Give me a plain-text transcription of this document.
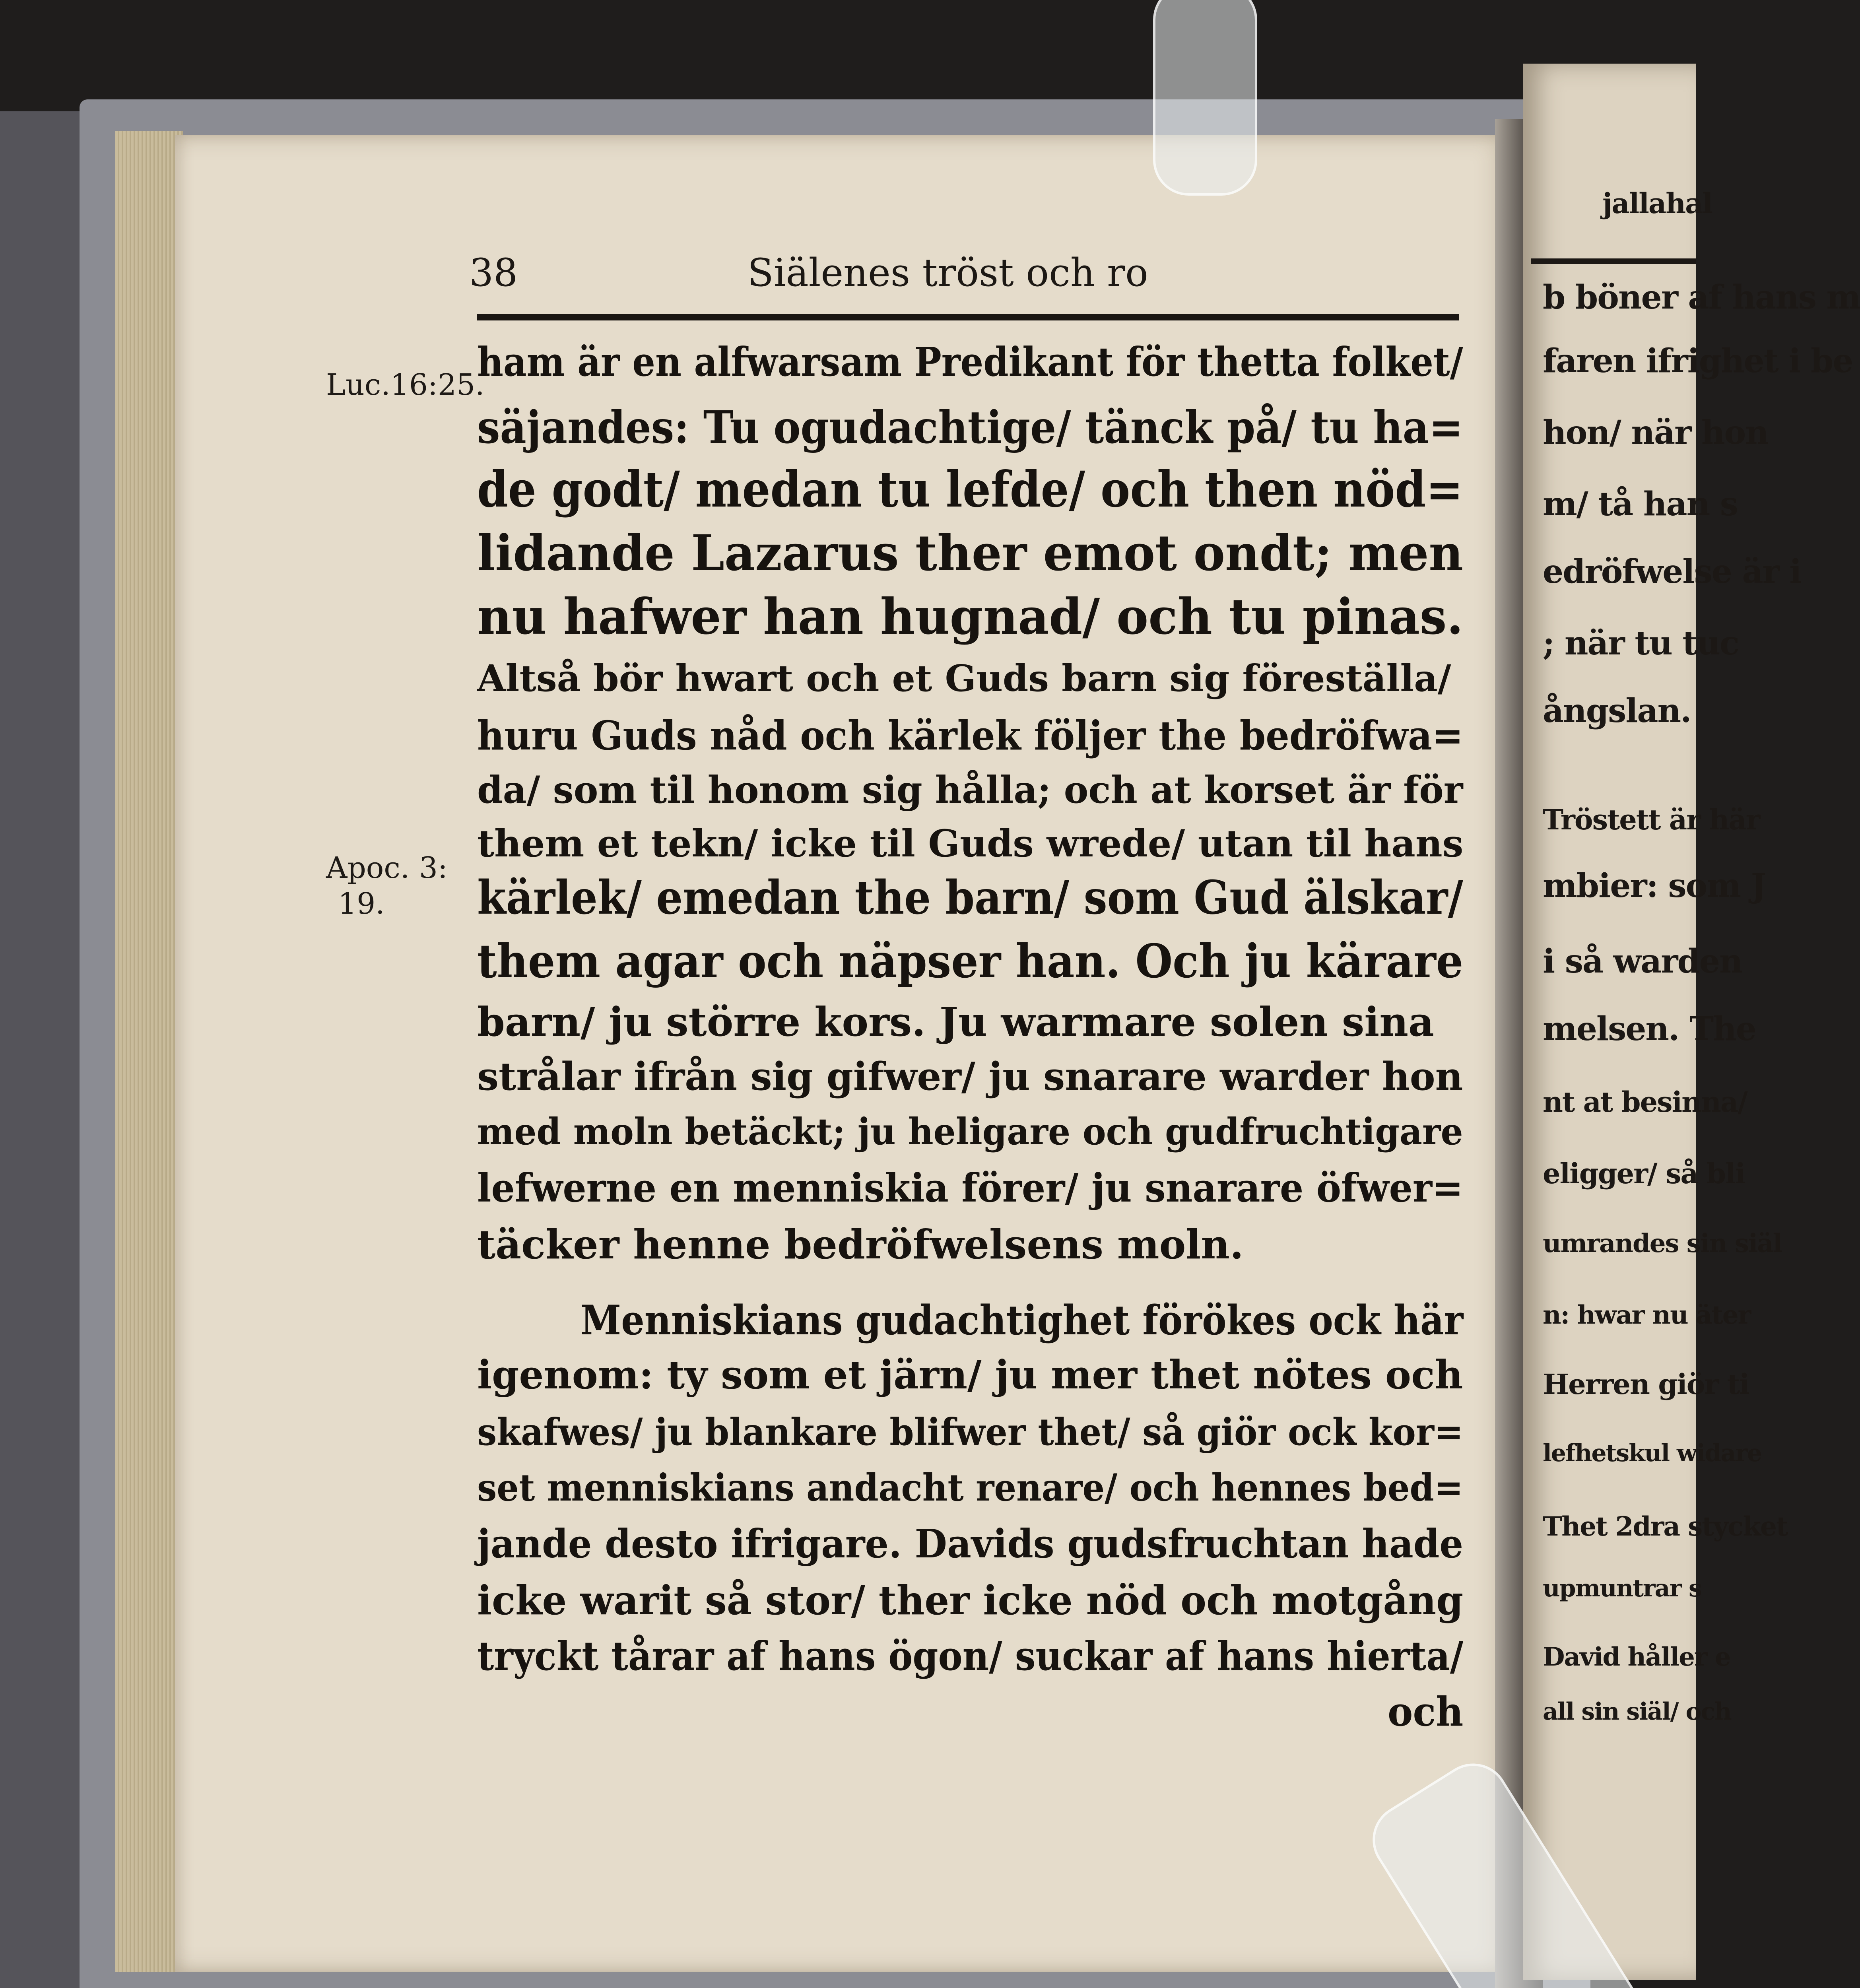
jallahal
b böner af hans m
faren ifrighet i be
hon/ när hon
m/ tå han s
edröfwelse är i
; när tu tuc
ångslan.
Tröstett är här
mbier: som J
i så warden
melsen. The
nt at besinna/
eligger/ så bli
umrandes sin siäl
n: hwar nu äter
Herren giör ti
lefhetskul widare
Thet 2dra stycket
upmuntrar s
David håller e
all sin siäl/ och
38	Siälenes tröst och ro
Luc.16:25.
Apoc. 3:
19.
ham är en alfwarsam Predikant för thetta folket/
säjandes: Tu ogudachtige/ tänck på/ tu ha=
de godt/ medan tu lefde/ och then nöd=
lidande Lazarus ther emot ondt; men
nu hafwer han hugnad/ och tu pinas.
Altså bör hwart och et Guds barn sig föreställa/
huru Guds nåd och kärlek följer the bedröfwa=
da/ som til honom sig hålla; och at korset är för
them et tekn/ icke til Guds wrede/ utan til hans
kärlek/ emedan the barn/ som Gud älskar/
them agar och näpser han. Och ju kärare
barn/ ju större kors. Ju warmare solen sina
strålar ifrån sig gifwer/ ju snarare warder hon
med moln betäckt; ju heligare och gudfruchtigare
lefwerne en menniskia förer/ ju snarare öfwer=
täcker henne bedröfwelsens moln.
Menniskians gudachtighet förökes ock här
igenom: ty som et järn/ ju mer thet nötes och
skafwes/ ju blankare blifwer thet/ så giör ock kor=
set menniskians andacht renare/ och hennes bed=
jande desto ifrigare. Davids gudsfruchtan hade
icke warit så stor/ ther icke nöd och motgång
tryckt tårar af hans ögon/ suckar af hans hierta/
och
